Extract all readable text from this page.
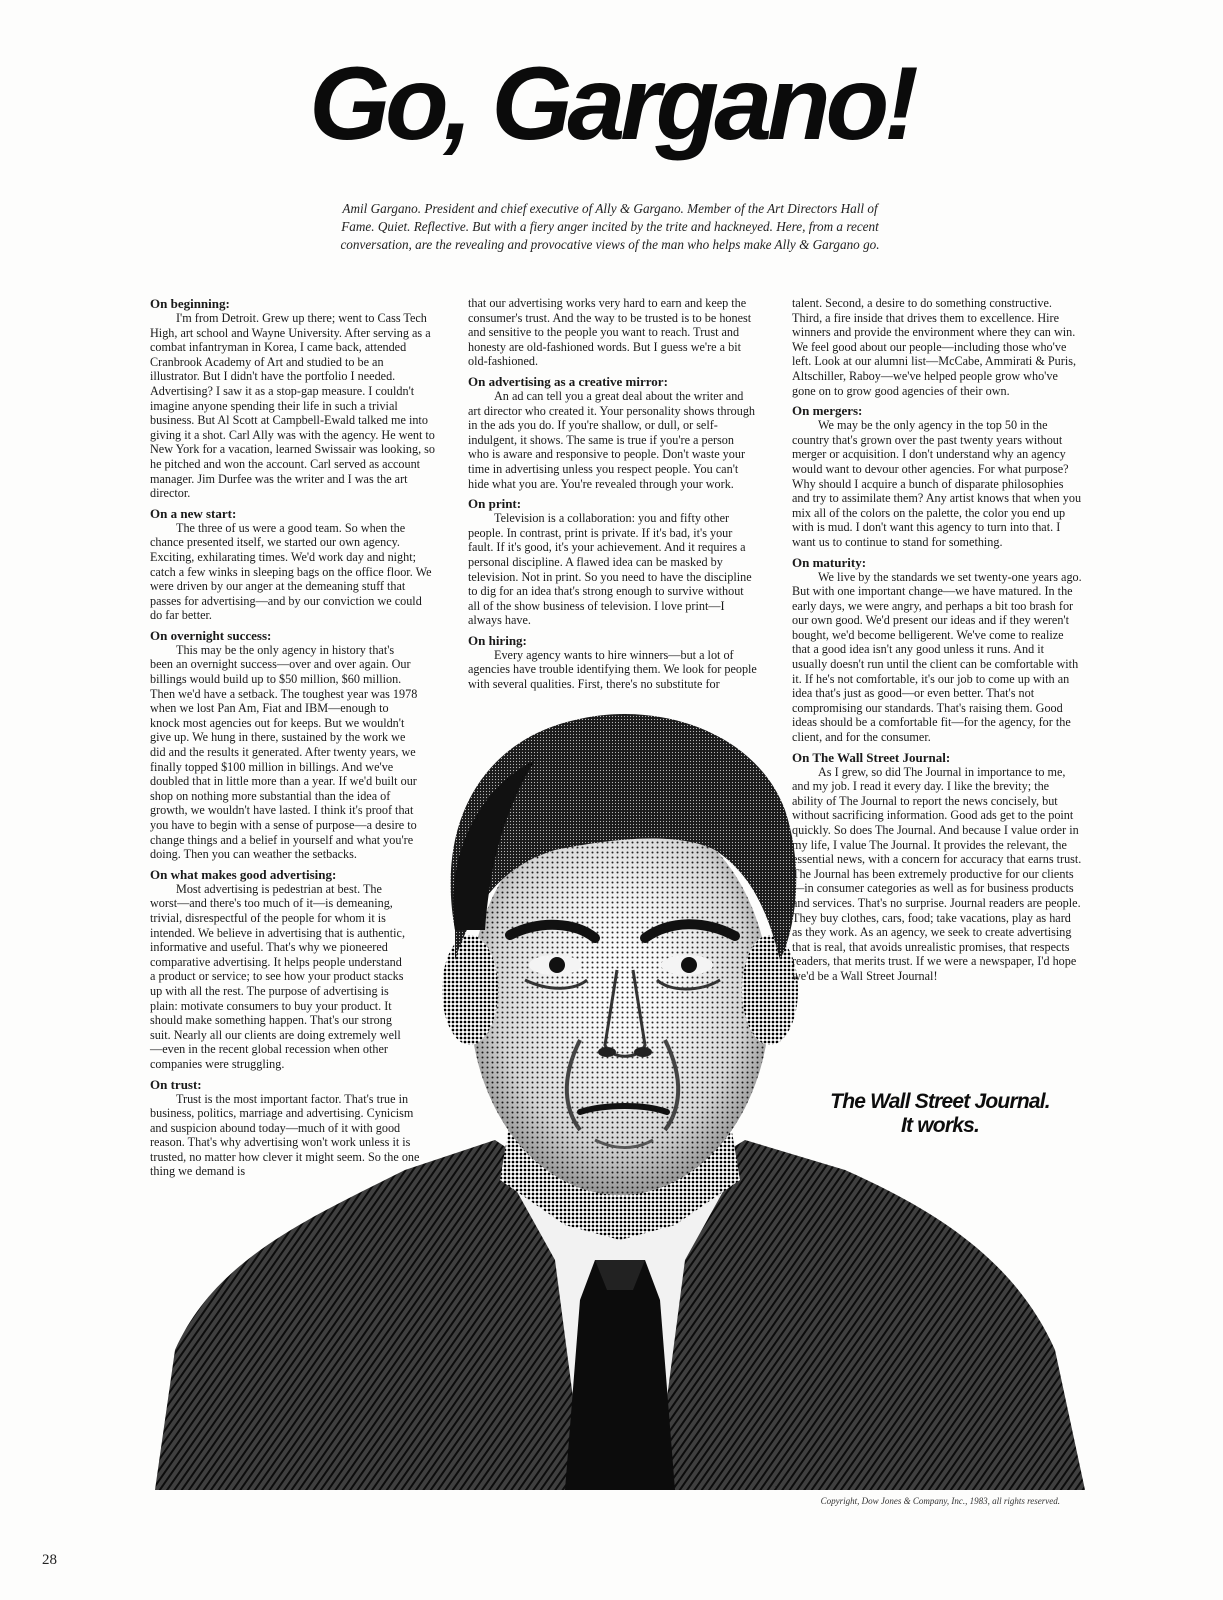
Go, Gargano!
Amil Gargano. President and chief executive of Ally & Gargano. Member of the Art Directors Hall of Fame. Quiet. Reflective. But with a fiery anger incited by the trite and hackneyed. Here, from a recent conversation, are the revealing and provocative views of the man who helps make Ally & Gargano go.
On beginning:

I'm from Detroit. Grew up there; went to Cass Tech High, art school and Wayne University. After serving as a combat infantryman in Korea, I came back, attended Cranbrook Academy of Art and studied to be an illustrator. But I didn't have the portfolio I needed. Advertising? I saw it as a stop-gap measure. I couldn't imagine anyone spending their life in such a trivial business. But Al Scott at Campbell-Ewald talked me into giving it a shot. Carl Ally was with the agency. He went to New York for a vacation, learned Swissair was looking, so he pitched and won the account. Carl served as account manager. Jim Durfee was the writer and I was the art director.

On a new start:

The three of us were a good team. So when the chance presented itself, we started our own agency. Exciting, exhilarating times. We'd work day and night; catch a few winks in sleeping bags on the office floor. We were driven by our anger at the demeaning stuff that passes for advertising—and by our conviction we could do far better.

On overnight success:

This may be the only agency in history that's been an overnight success—over and over again. Our billings would build up to $50 million, $60 million. Then we'd have a setback. The toughest year was 1978 when we lost Pan Am, Fiat and IBM—enough to knock most agencies out for keeps. But we wouldn't give up. We hung in there, sustained by the work we did and the results it generated. After twenty years, we finally topped $100 million in billings. And we've doubled that in little more than a year. If we'd built our shop on nothing more substantial than the idea of growth, we wouldn't have lasted. I think it's proof that you have to begin with a sense of purpose—a desire to change things and a belief in yourself and what you're doing. Then you can weather the setbacks.

On what makes good advertising:

Most advertising is pedestrian at best. The worst—and there's too much of it—is demeaning, trivial, disrespectful of the people for whom it is intended. We believe in advertising that is authentic, informative and useful. That's why we pioneered comparative advertising. It helps people understand a product or service; to see how your product stacks up with all the rest. The purpose of advertising is plain: motivate consumers to buy your product. It should make something happen. That's our strong suit. Nearly all our clients are doing extremely well—even in the recent global recession when other companies were struggling.

On trust:

Trust is the most important factor. That's true in business, politics, marriage and advertising. Cynicism and suspicion abound today—much of it with good reason. That's why advertising won't work unless it is trusted, no matter how clever it might seem. So the one thing we demand is

that our advertising works very hard to earn and keep the consumer's trust. And the way to be trusted is to be honest and sensitive to the people you want to reach. Trust and honesty are old-fashioned words. But I guess we're a bit old-fashioned.

On advertising as a creative mirror:

An ad can tell you a great deal about the writer and art director who created it. Your personality shows through in the ads you do. If you're shallow, or dull, or self-indulgent, it shows. The same is true if you're a person who is aware and responsive to people. Don't waste your time in advertising unless you respect people. You can't hide what you are. You're revealed through your work.

On print:

Television is a collaboration: you and fifty other people. In contrast, print is private. If it's bad, it's your fault. If it's good, it's your achievement. And it requires a personal discipline. A flawed idea can be masked by television. Not in print. So you need to have the discipline to dig for an idea that's strong enough to survive without all of the show business of television. I love print—I always have.

On hiring:

Every agency wants to hire winners—but a lot of agencies have trouble identifying them. We look for people with several qualities. First, there's no substitute for

talent. Second, a desire to do something constructive. Third, a fire inside that drives them to excellence. Hire winners and provide the environment where they can win. We feel good about our people—including those who've left. Look at our alumni list—McCabe, Ammirati & Puris, Altschiller, Raboy—we've helped people grow who've gone on to grow good agencies of their own.

On mergers:

We may be the only agency in the top 50 in the country that's grown over the past twenty years without merger or acquisition. I don't understand why an agency would want to devour other agencies. For what purpose? Why should I acquire a bunch of disparate philosophies and try to assimilate them? Any artist knows that when you mix all of the colors on the palette, the color you end up with is mud. I don't want this agency to turn into that. I want us to continue to stand for something.

On maturity:

We live by the standards we set twenty-one years ago. But with one important change—we have matured. In the early days, we were angry, and perhaps a bit too brash for our own good. We'd present our ideas and if they weren't bought, we'd become belligerent. We've come to realize that a good idea isn't any good unless it runs. And it usually doesn't run until the client can be comfortable with it. If he's not comfortable, it's our job to come up with an idea that's just as good—or even better. That's not compromising our standards. That's raising them. Good ideas should be a comfortable fit—for the agency, for the client, and for the consumer.

On The Wall Street Journal:

As I grew, so did The Journal in importance to me, and my job. I read it every day. I like the brevity; the ability of The Journal to report the news concisely, but without sacrificing information. Good ads get to the point quickly. So does The Journal. And because I value order in my life, I value The Journal. It provides the relevant, the essential news, with a concern for accuracy that earns trust. The Journal has been extremely productive for our clients—in consumer categories as well as for business products and services. That's no surprise. Journal readers are people. They buy clothes, cars, food; take vacations, play as hard as they work. As an agency, we seek to create advertising that is real, that avoids unrealistic promises, that respects readers, that merits trust. If we were a newspaper, I'd hope we'd be a Wall Street Journal!

The Wall Street Journal.
It works.
Copyright, Dow Jones & Company, Inc., 1983, all rights reserved.
28
